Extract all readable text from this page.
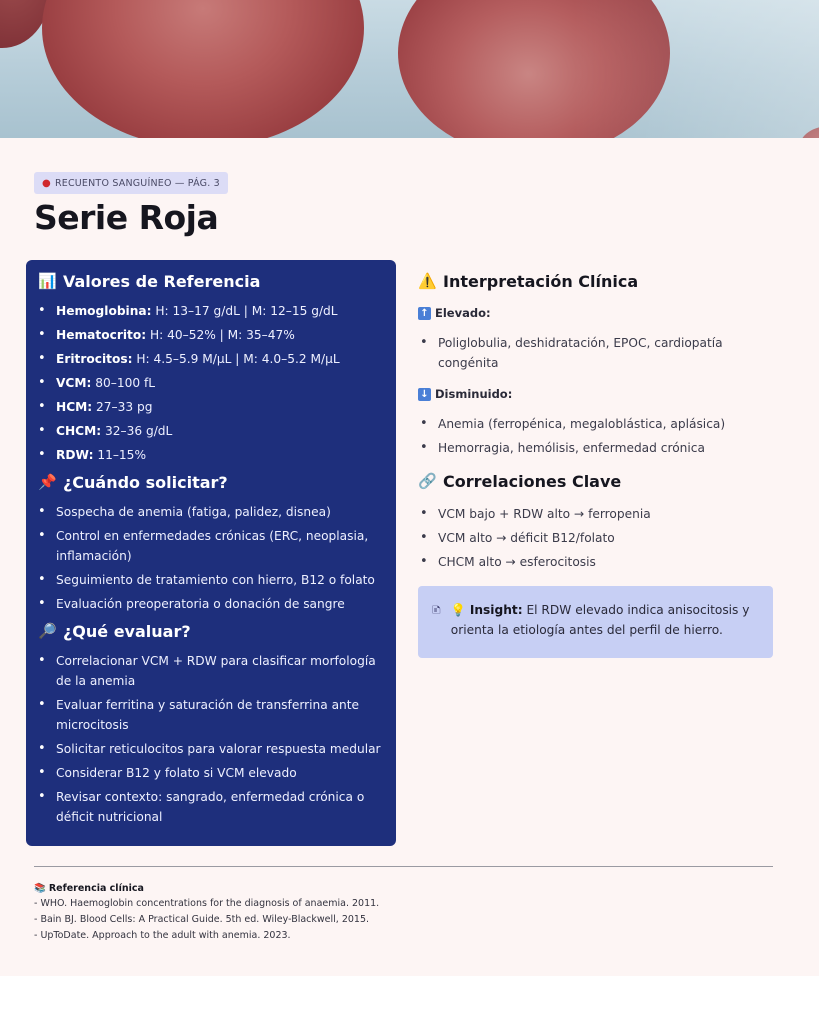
● RECUENTO SANGUÍNEO — PÁG. 3
Serie Roja
📊 Valores de Referencia
• Hemoglobina: H: 13–17 g/dL | M: 12–15 g/dL
• Hematocrito: H: 40–52% | M: 35–47%
• Eritrocitos: H: 4.5–5.9 M/µL | M: 4.0–5.2 M/µL
• VCM: 80–100 fL
• HCM: 27–33 pg
• CHCM: 32–36 g/dL
• RDW: 11–15%
📌 ¿Cuándo solicitar?
• Sospecha de anemia (fatiga, palidez, disnea)
• Control en enfermedades crónicas (ERC, neoplasia, inflamación)
• Seguimiento de tratamiento con hierro, B12 o folato
• Evaluación preoperatoria o donación de sangre
🔎 ¿Qué evaluar?
• Correlacionar VCM + RDW para clasificar morfología de la anemia
• Evaluar ferritina y saturación de transferrina ante microcitosis
• Solicitar reticulocitos para valorar respuesta medular
• Considerar B12 y folato si VCM elevado
• Revisar contexto: sangrado, enfermedad crónica o déficit nutricional
⚠️ Interpretación Clínica
↑ Elevado:
• Poliglobulia, deshidratación, EPOC, cardiopatía congénita
↓ Disminuido:
• Anemia (ferropénica, megaloblástica, aplásica)
• Hemorragia, hemólisis, enfermedad crónica
🔗 Correlaciones Clave
• VCM bajo + RDW alto → ferropenia
• VCM alto → déficit B12/folato
• CHCM alto → esferocitosis
🗈 💡 Insight: El RDW elevado indica anisocitosis y orienta la etiología antes del perfil de hierro.
📚 Referencia clínica
- WHO. Haemoglobin concentrations for the diagnosis of anaemia. 2011.
- Bain BJ. Blood Cells: A Practical Guide. 5th ed. Wiley-Blackwell, 2015.
- UpToDate. Approach to the adult with anemia. 2023.
